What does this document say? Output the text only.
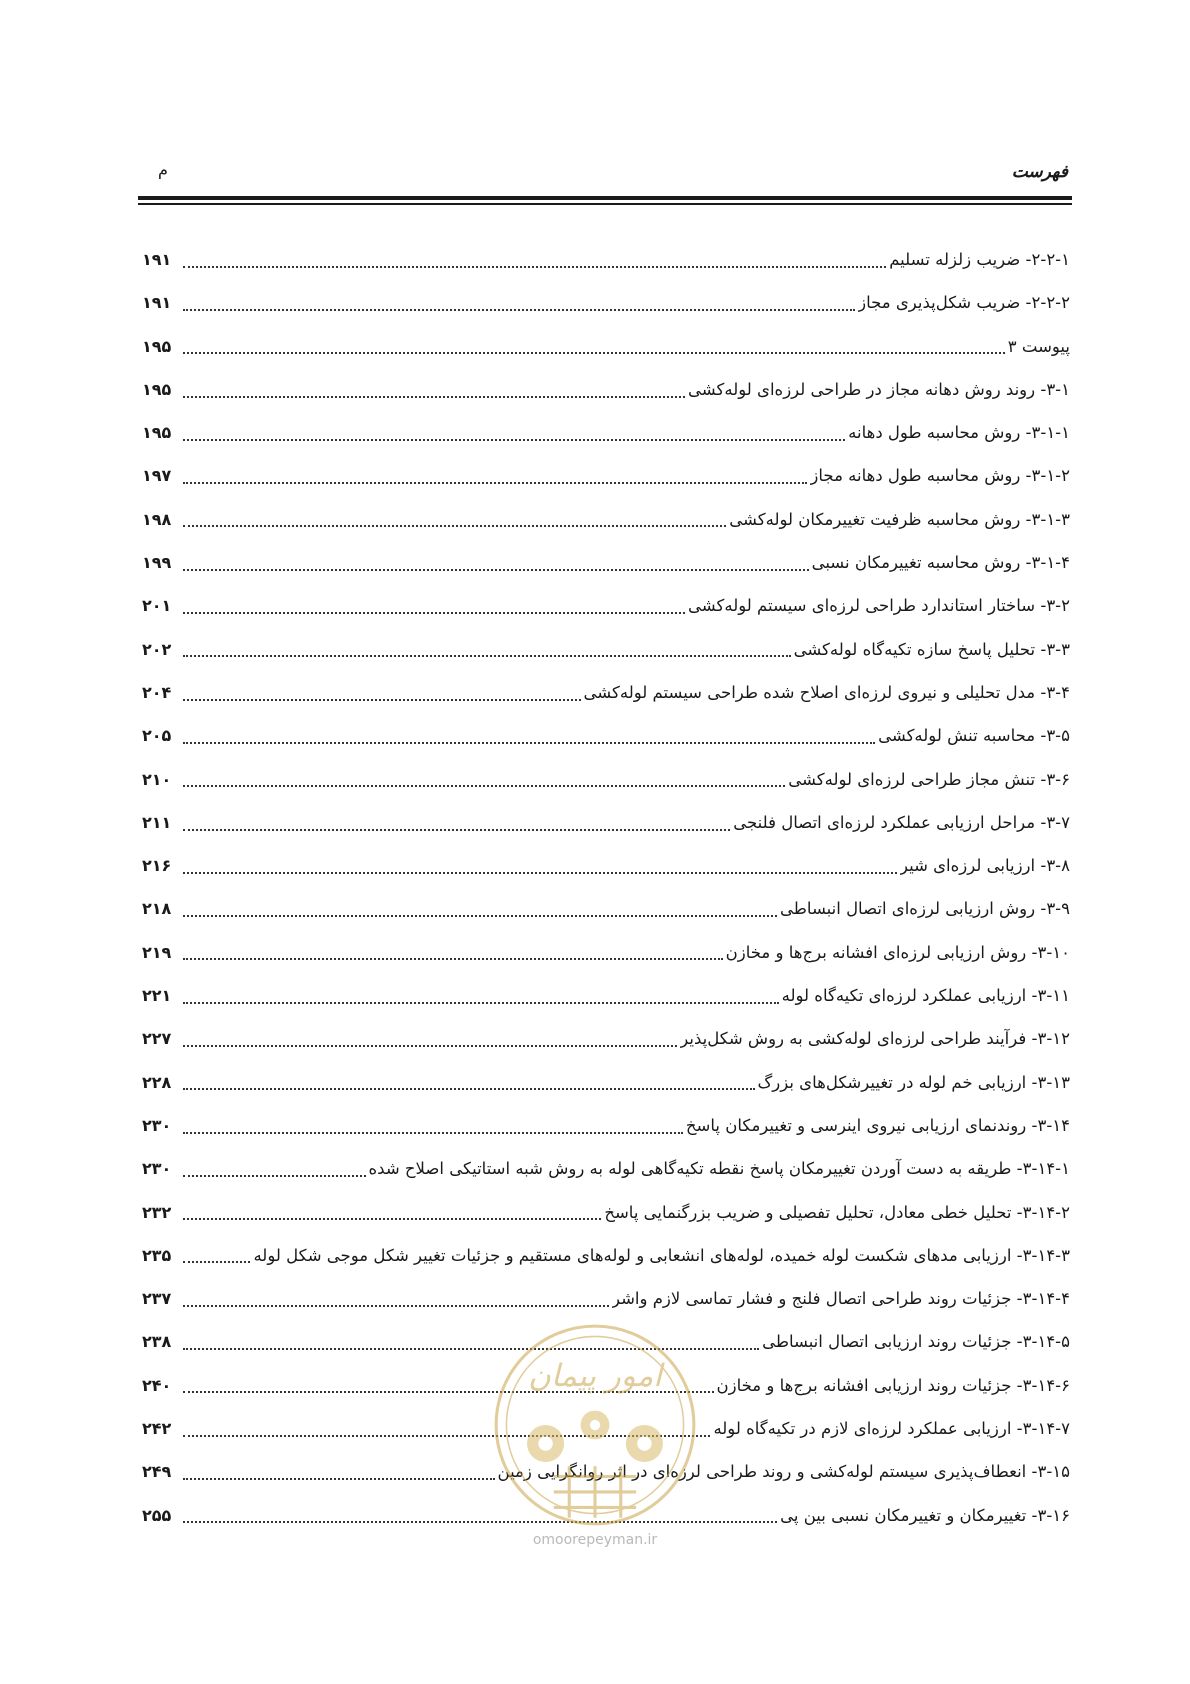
فهرست
م
۲-۲-۱- ضریب زلزله تسلیم
۱۹۱
۲-۲-۲- ضریب شکل‌پذیری مجاز
۱۹۱
پیوست ۳
۱۹۵
۳-۱- روند روش دهانه مجاز در طراحی لرزه‌ای لوله‌کشی
۱۹۵
۳-۱-۱- روش محاسبه طول دهانه
۱۹۵
۳-۱-۲- روش محاسبه طول دهانه مجاز
۱۹۷
۳-۱-۳- روش محاسبه ظرفیت تغییرمکان لوله‌کشی
۱۹۸
۳-۱-۴- روش محاسبه تغییرمکان نسبی
۱۹۹
۳-۲- ساختار استاندارد طراحی لرزه‌ای سیستم لوله‌کشی
۲۰۱
۳-۳- تحلیل پاسخ سازه تکیه‌گاه لوله‌کشی
۲۰۲
۳-۴- مدل تحلیلی و نیروی لرزه‌ای اصلاح شده طراحی سیستم لوله‌کشی
۲۰۴
۳-۵- محاسبه تنش لوله‌کشی
۲۰۵
۳-۶- تنش مجاز طراحی لرزه‌ای لوله‌کشی
۲۱۰
۳-۷- مراحل ارزیابی عملکرد لرزه‌ای اتصال فلنجی
۲۱۱
۳-۸- ارزیابی لرزه‌ای شیر
۲۱۶
۳-۹- روش ارزیابی لرزه‌ای اتصال انبساطی
۲۱۸
۳-۱۰- روش ارزیابی لرزه‌ای افشانه برج‌ها و مخازن
۲۱۹
۳-۱۱- ارزیابی عملکرد لرزه‌ای تکیه‌گاه لوله
۲۲۱
۳-۱۲- فرآیند طراحی لرزه‌ای لوله‌کشی به روش شکل‌پذیر
۲۲۷
۳-۱۳- ارزیابی خم لوله در تغییرشکل‌های بزرگ
۲۲۸
۳-۱۴- روندنمای ارزیابی نیروی اینرسی و تغییرمکان پاسخ
۲۳۰
۳-۱۴-۱- طریقه به دست آوردن تغییرمکان پاسخ نقطه تکیه‌گاهی لوله به روش شبه استاتیکی اصلاح شده
۲۳۰
۳-۱۴-۲- تحلیل خطی معادل، تحلیل تفصیلی و ضریب بزرگنمایی پاسخ
۲۳۲
۳-۱۴-۳- ارزیابی مدهای شکست لوله خمیده، لوله‌های انشعابی و لوله‌های مستقیم و جزئیات تغییر شکل موجی شکل لوله
۲۳۵
۳-۱۴-۴- جزئیات روند طراحی اتصال فلنج و فشار تماسی لازم واشر
۲۳۷
۳-۱۴-۵- جزئیات روند ارزیابی اتصال انبساطی
۲۳۸
۳-۱۴-۶- جزئیات روند ارزیابی افشانه برج‌ها و مخازن
۲۴۰
۳-۱۴-۷- ارزیابی عملکرد لرزه‌ای لازم در تکیه‌گاه لوله
۲۴۲
۳-۱۵- انعطاف‌پذیری سیستم لوله‌کشی و روند طراحی لرزه‌ای در اثر روانگرایی زمین
۲۴۹
۳-۱۶- تغییرمکان و تغییرمکان نسبی بین پی
۲۵۵
امور پیمان
omoorepeyman.ir
